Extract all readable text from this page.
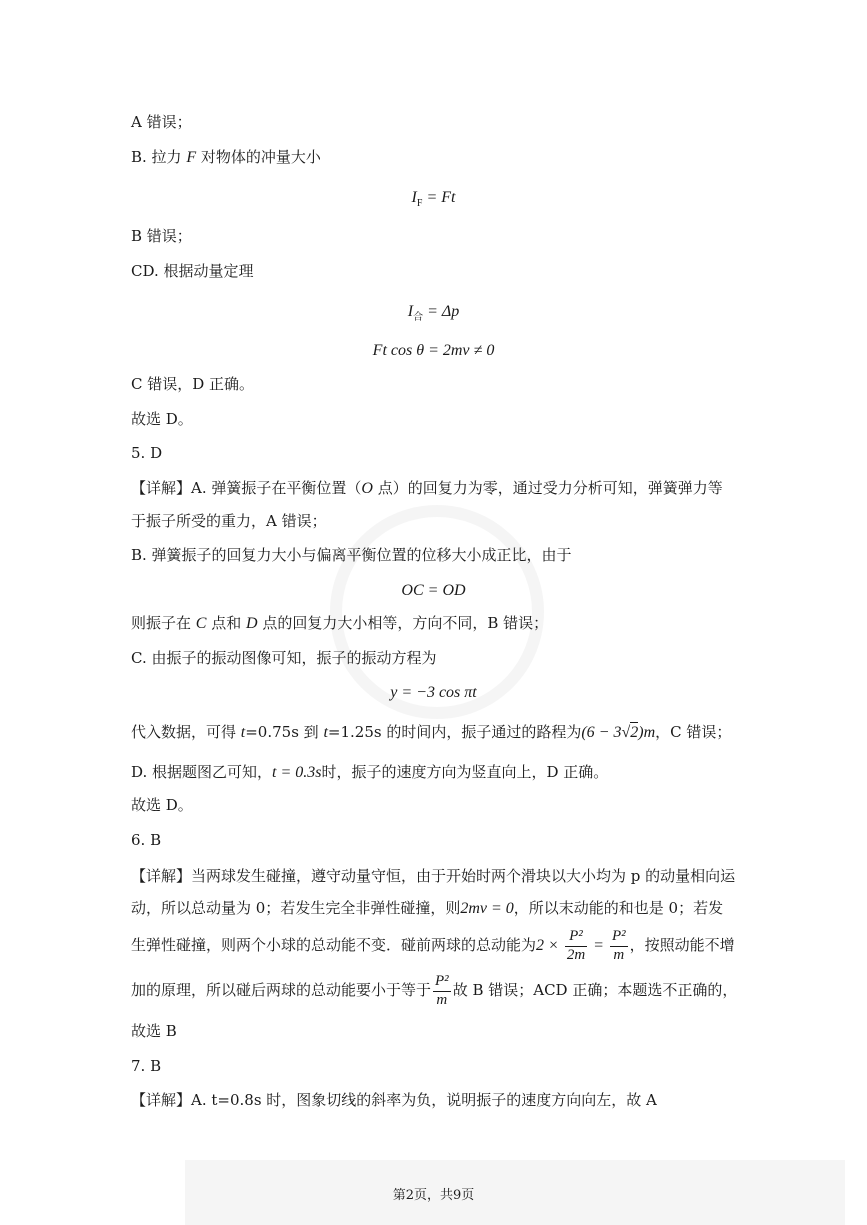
A 错误；
B. 拉力 F 对物体的冲量大小
$I_F = Ft$
B 错误；
CD. 根据动量定理
$I_合 = \Delta p$
Ft cos θ = 2mv ≠ 0
C 错误，D 正确。
故选 D。
5. D
【详解】A. 弹簧振子在平衡位置（O 点）的回复力为零，通过受力分析可知，弹簧弹力等
于振子所受的重力，A 错误；
B. 弹簧振子的回复力大小与偏离平衡位置的位移大小成正比，由于
OC = OD
则振子在 C 点和 D 点的回复力大小相等，方向不同，B 错误；
C. 由振子的振动图像可知，振子的振动方程为
y = −3 cos πt
代入数据，可得 t=0.75s 到 t=1.25s 的时间内，振子通过的路程为(6 − 3√2)m，C 错误；
D. 根据题图乙可知，t = 0.3s时，振子的速度方向为竖直向上，D 正确。
故选 D。
6. B
【详解】当两球发生碰撞，遵守动量守恒，由于开始时两个滑块以大小均为 p 的动量相向运
动，所以总动量为 0；若发生完全非弹性碰撞，则2mv = 0，所以末动能的和也是 0；若发
生弹性碰撞，则两个小球的总动能不变．碰前两球的总动能为$2 \times \frac{\text{P²}}{2m} = \frac{\text{P²}}{m}$ ，按照动能不增
加的原理，所以碰后两球的总动能要小于等于 $\frac{\text{P²}}{m}$ 故 B 错误；ACD 正确；本题选不正确的，
故选 B
7. B
【详解】A. t=0.8s 时，图象切线的斜率为负，说明振子的速度方向向左，故 A
第2页，共9页
